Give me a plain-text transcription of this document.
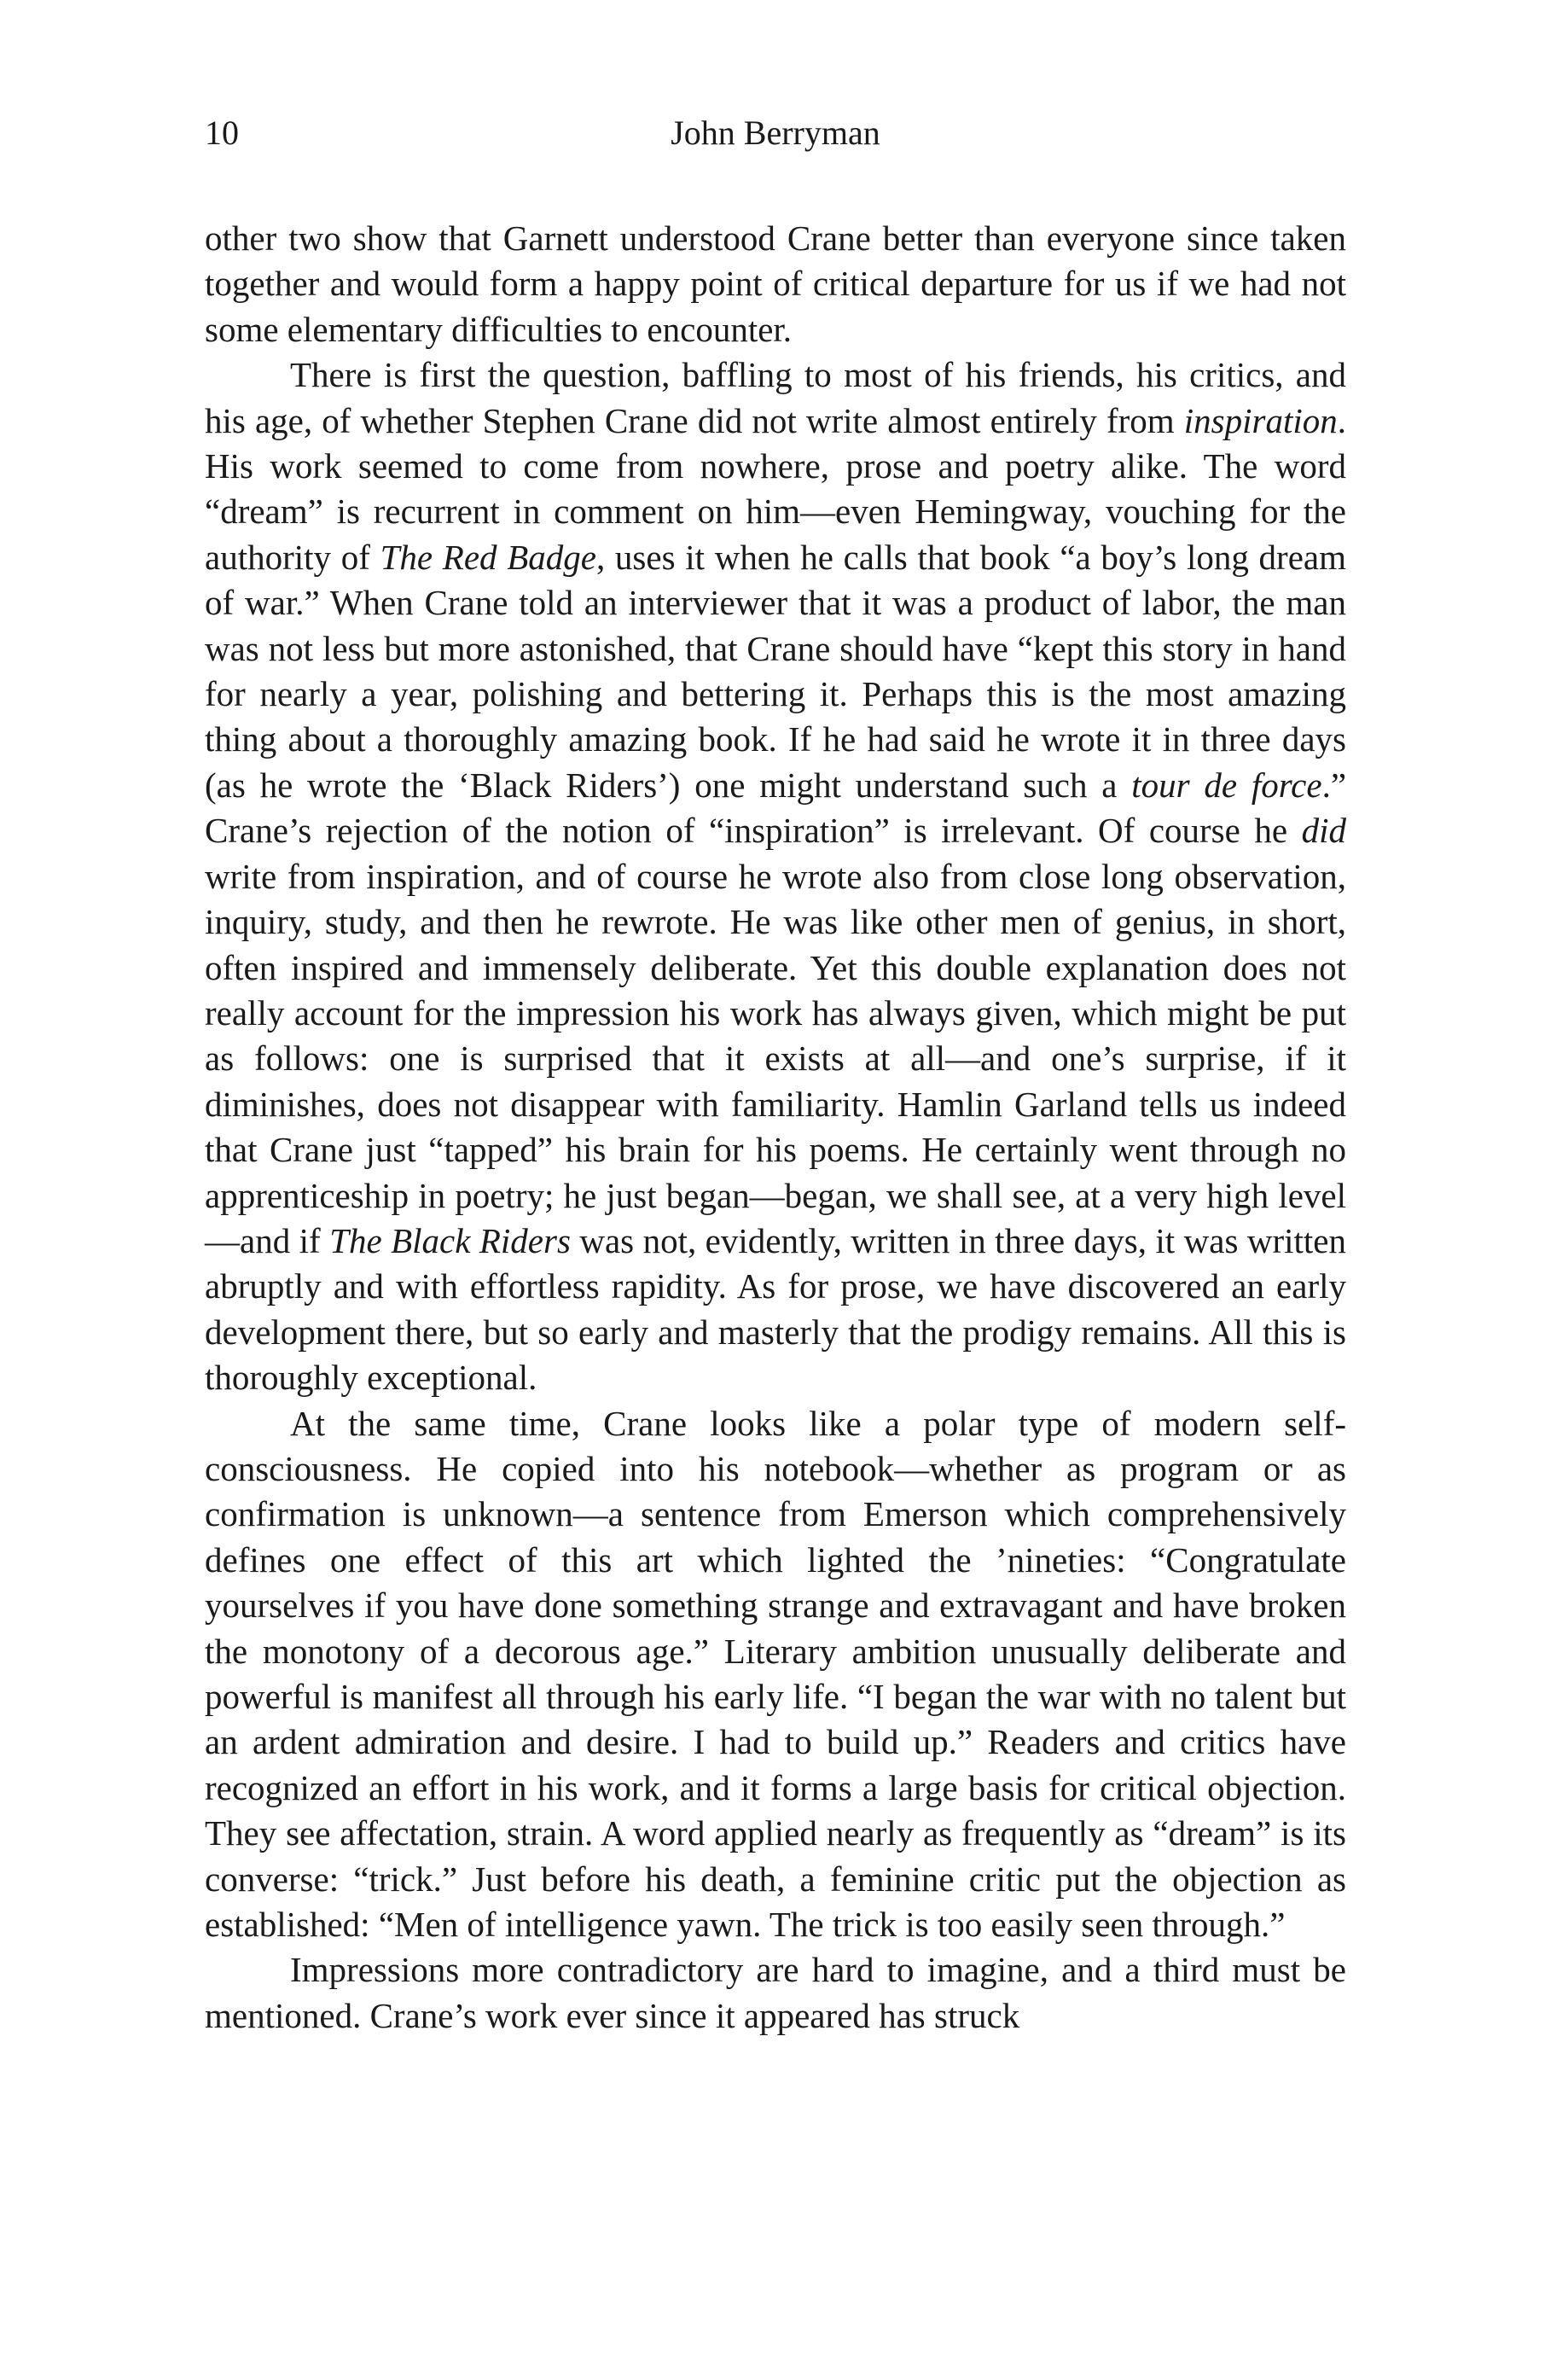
10	John Berryman

other two show that Garnett understood Crane better than everyone since taken together and would form a happy point of critical departure for us if we had not some elementary difficulties to encounter.

There is first the question, baffling to most of his friends, his critics, and his age, of whether Stephen Crane did not write almost entirely from inspiration. His work seemed to come from nowhere, prose and poetry alike. The word “dream” is recurrent in comment on him—even Hemingway, vouching for the authority of The Red Badge, uses it when he calls that book “a boy’s long dream of war.” When Crane told an interviewer that it was a product of labor, the man was not less but more astonished, that Crane should have “kept this story in hand for nearly a year, polishing and bettering it. Perhaps this is the most amazing thing about a thoroughly amazing book. If he had said he wrote it in three days (as he wrote the ‘Black Riders’) one might understand such a tour de force.” Crane’s rejection of the notion of “inspiration” is irrelevant. Of course he did write from inspiration, and of course he wrote also from close long observation, inquiry, study, and then he rewrote. He was like other men of genius, in short, often inspired and immensely deliberate. Yet this double explanation does not really account for the impression his work has always given, which might be put as follows: one is surprised that it exists at all—and one’s surprise, if it diminishes, does not disappear with familiarity. Hamlin Garland tells us indeed that Crane just “tapped” his brain for his poems. He certainly went through no apprenticeship in poetry; he just began—began, we shall see, at a very high level—and if The Black Riders was not, evidently, written in three days, it was written abruptly and with effortless rapidity. As for prose, we have discovered an early development there, but so early and masterly that the prodigy remains. All this is thoroughly exceptional.

At the same time, Crane looks like a polar type of modern self-consciousness. He copied into his notebook—whether as program or as confirmation is unknown—a sentence from Emerson which comprehensively defines one effect of this art which lighted the ’nineties: “Congratulate yourselves if you have done something strange and extravagant and have broken the monotony of a decorous age.” Literary ambition unusually deliberate and powerful is manifest all through his early life. “I began the war with no talent but an ardent admiration and desire. I had to build up.” Readers and critics have recognized an effort in his work, and it forms a large basis for critical objection. They see affectation, strain. A word applied nearly as frequently as “dream” is its converse: “trick.” Just before his death, a feminine critic put the objection as established: “Men of intelligence yawn. The trick is too easily seen through.”

Impressions more contradictory are hard to imagine, and a third must be mentioned. Crane’s work ever since it appeared has struck
